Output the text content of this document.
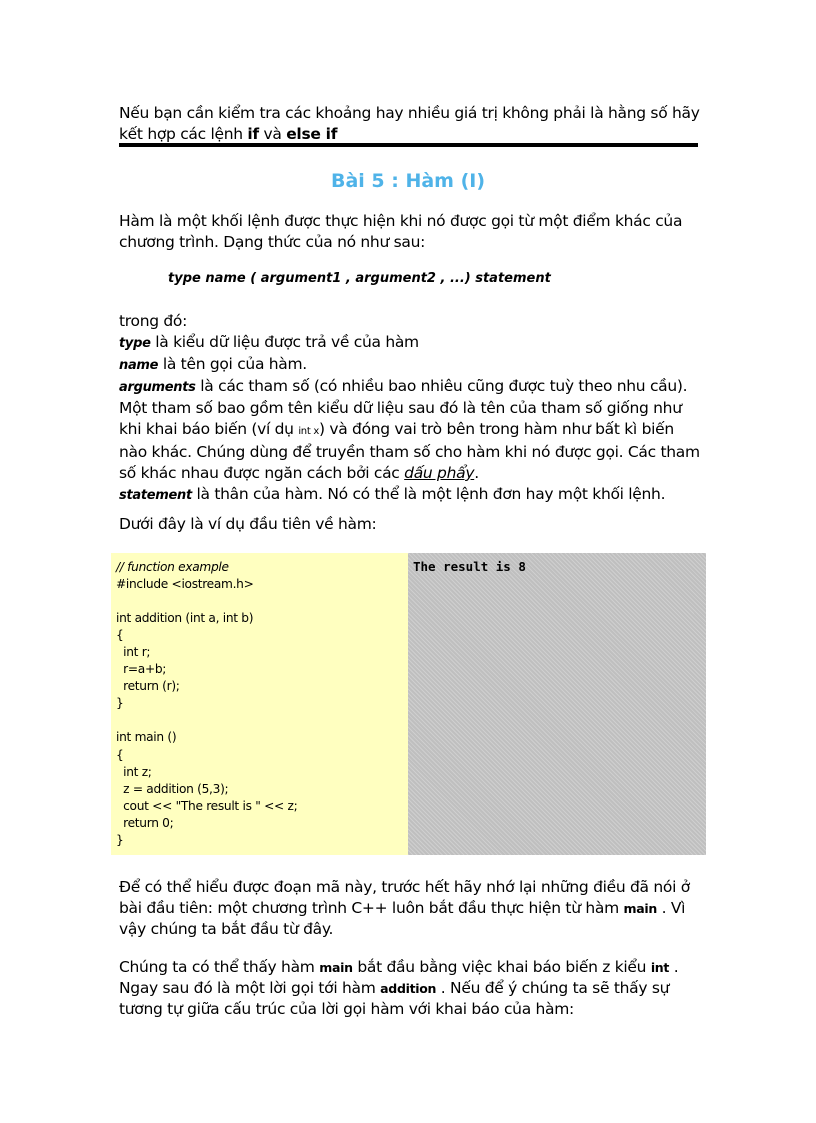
Nếu bạn cần kiểm tra các khoảng hay nhiều giá trị không phải là hằng số hãy kết hợp các lệnh if và else if

Bài 5 : Hàm (I)

Hàm là một khối lệnh được thực hiện khi nó được gọi từ một điểm khác của chương trình. Dạng thức của nó như sau:

type name ( argument1 , argument2 , ...) statement

trong đó:
type là kiểu dữ liệu được trả về của hàm
name là tên gọi của hàm.
arguments là các tham số (có nhiều bao nhiêu cũng được tuỳ theo nhu cầu). Một tham số bao gồm tên kiểu dữ liệu sau đó là tên của tham số giống như khi khai báo biến (ví dụ int x) và đóng vai trò bên trong hàm như bất kì biến nào khác. Chúng dùng để truyền tham số cho hàm khi nó được gọi. Các tham số khác nhau được ngăn cách bởi các dấu phẩy.
statement là thân của hàm. Nó có thể là một lệnh đơn hay một khối lệnh.

Dưới đây là ví dụ đầu tiên về hàm:

// function example
#include <iostream.h>
int addition (int a, int b)
{
int r;
r=a+b;
return (r);
}
int main ()
{
int z;
z = addition (5,3);
cout << "The result is " << z;
return 0;
}
The result is 8

Để có thể hiểu được đoạn mã này, trước hết hãy nhớ lại những điều đã nói ở bài đầu tiên: một chương trình C++ luôn bắt đầu thực hiện từ hàm main . Vì vậy chúng ta bắt đầu từ đây.

Chúng ta có thể thấy hàm main bắt đầu bằng việc khai báo biến z kiểu int . Ngay sau đó là một lời gọi tới hàm addition . Nếu để ý chúng ta sẽ thấy sự tương tự giữa cấu trúc của lời gọi hàm với khai báo của hàm:
